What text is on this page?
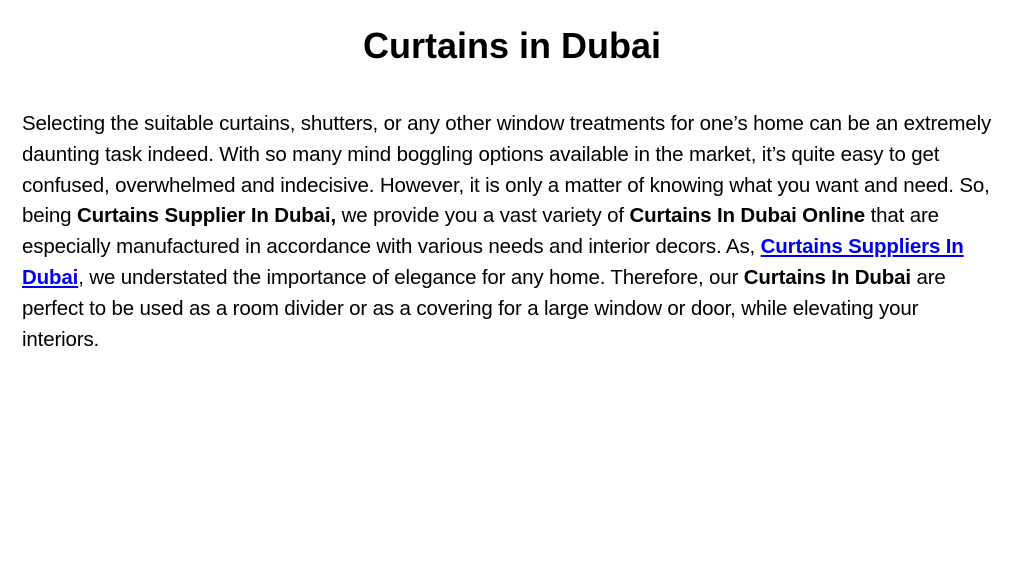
Curtains in Dubai

Selecting the suitable curtains, shutters, or any other window treatments for one’s home can be an extremely daunting task indeed. With so many mind boggling options available in the market, it’s quite easy to get confused, overwhelmed and indecisive. However, it is only a matter of knowing what you want and need. So, being Curtains Supplier In Dubai, we provide you a vast variety of Curtains In Dubai Online that are especially manufactured in accordance with various needs and interior decors. As, Curtains Suppliers In Dubai, we understated the importance of elegance for any home. Therefore, our Curtains In Dubai are perfect to be used as a room divider or as a covering for a large window or door, while elevating your interiors.
